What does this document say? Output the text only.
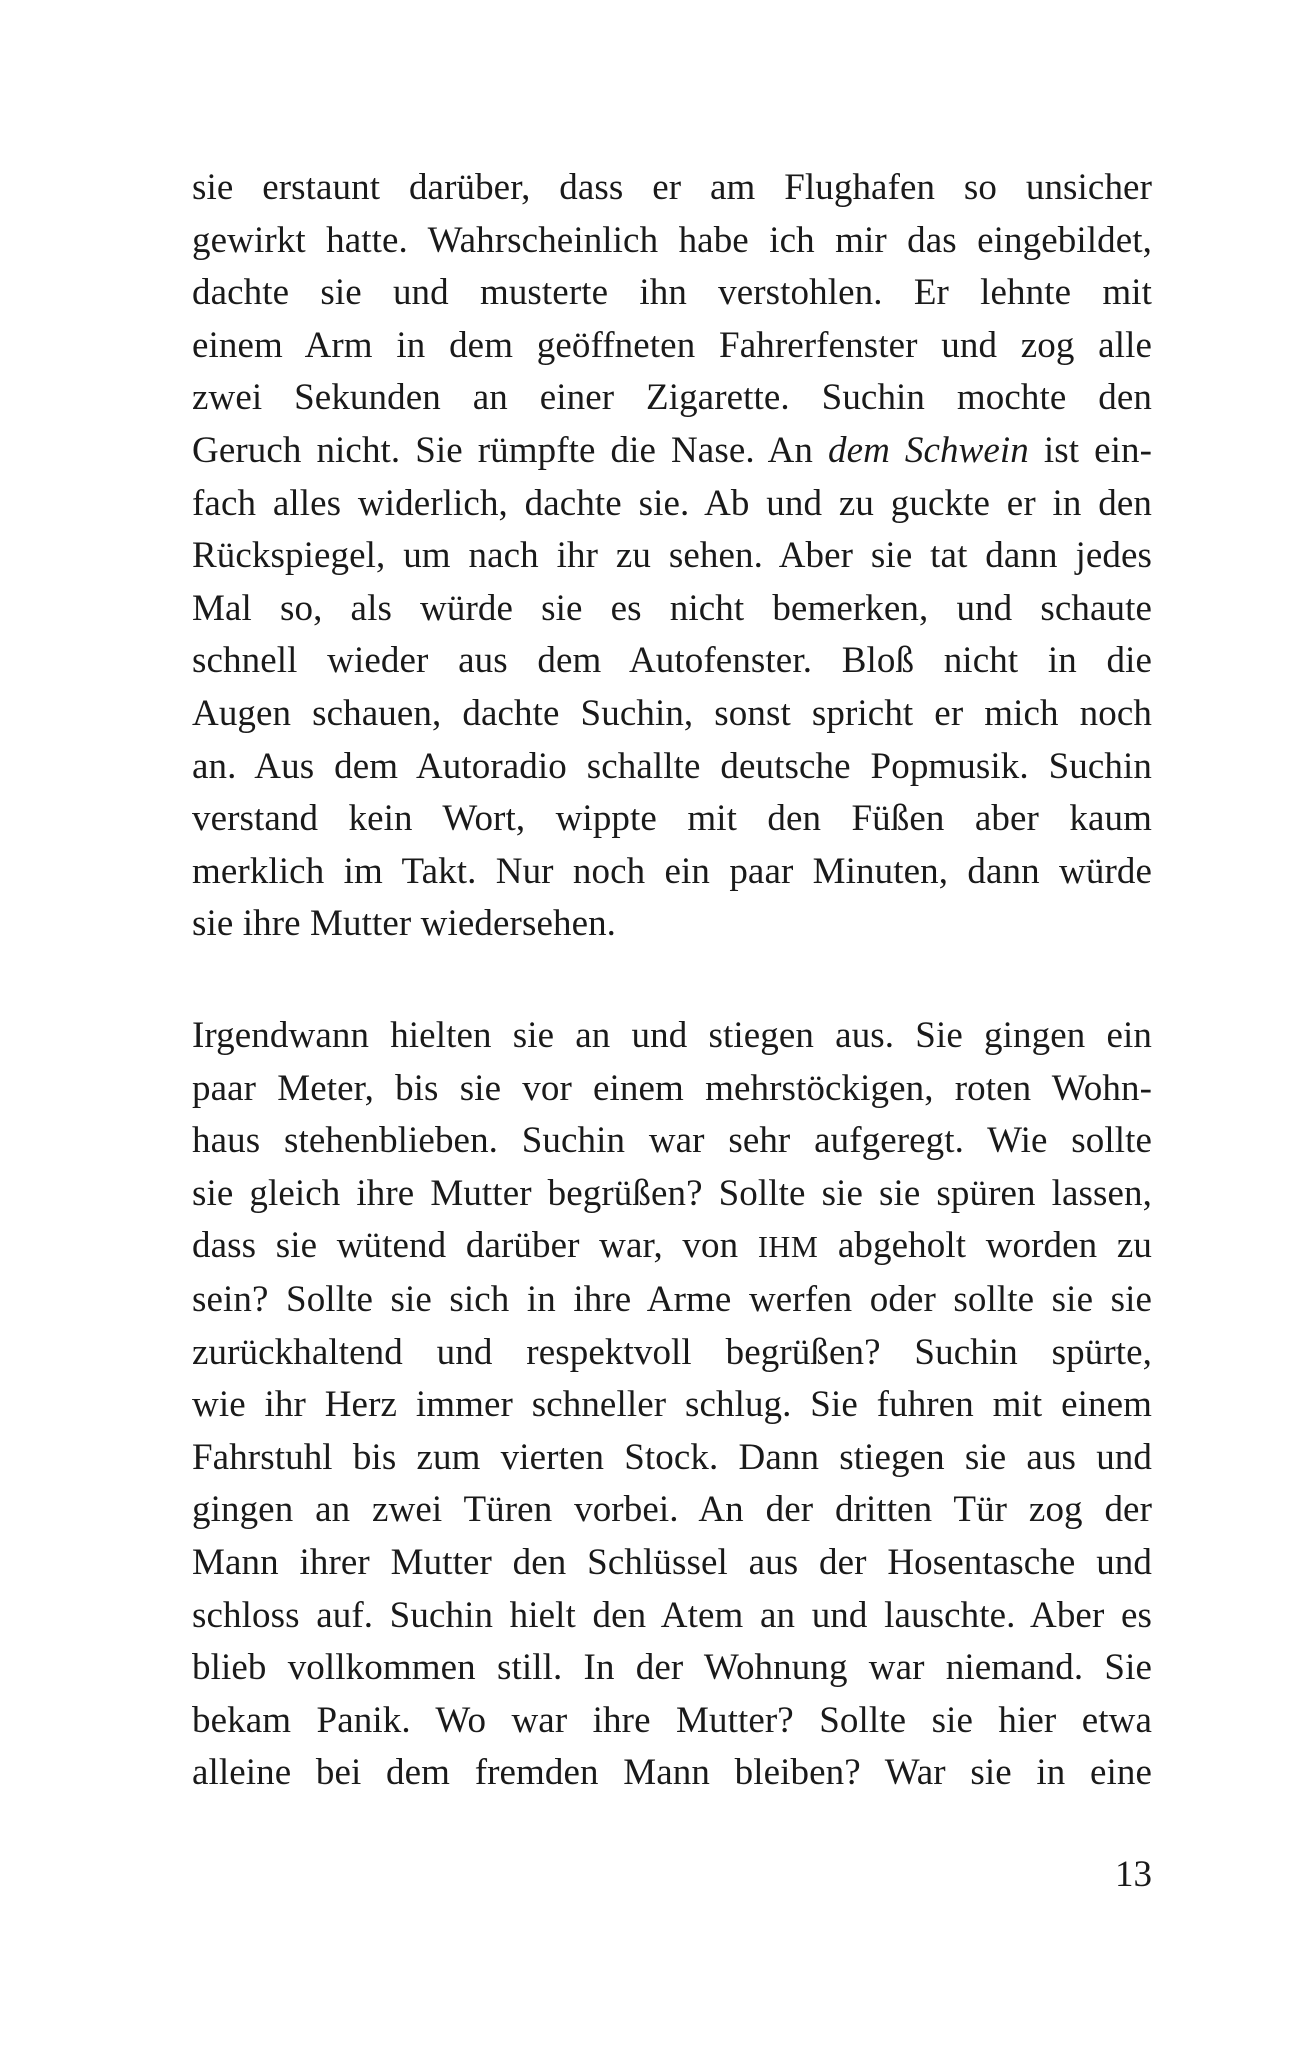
sie erstaunt darüber, dass er am Flughafen so unsicher
gewirkt hatte. Wahrscheinlich habe ich mir das eingebildet,
dachte sie und musterte ihn verstohlen. Er lehnte mit
einem Arm in dem geöffneten Fahrerfenster und zog alle
zwei Sekunden an einer Zigarette. Suchin mochte den
Geruch nicht. Sie rümpfte die Nase. An dem Schwein ist ein-
fach alles widerlich, dachte sie. Ab und zu guckte er in den
Rückspiegel, um nach ihr zu sehen. Aber sie tat dann jedes
Mal so, als würde sie es nicht bemerken, und schaute
schnell wieder aus dem Autofenster. Bloß nicht in die
Augen schauen, dachte Suchin, sonst spricht er mich noch
an. Aus dem Autoradio schallte deutsche Popmusik. Suchin
verstand kein Wort, wippte mit den Füßen aber kaum
merklich im Takt. Nur noch ein paar Minuten, dann würde
sie ihre Mutter wiedersehen.
Irgendwann hielten sie an und stiegen aus. Sie gingen ein
paar Meter, bis sie vor einem mehrstöckigen, roten Wohn-
haus stehenblieben. Suchin war sehr aufgeregt. Wie sollte
sie gleich ihre Mutter begrüßen? Sollte sie sie spüren lassen,
dass sie wütend darüber war, von IHM abgeholt worden zu
sein? Sollte sie sich in ihre Arme werfen oder sollte sie sie
zurückhaltend und respektvoll begrüßen? Suchin spürte,
wie ihr Herz immer schneller schlug. Sie fuhren mit einem
Fahrstuhl bis zum vierten Stock. Dann stiegen sie aus und
gingen an zwei Türen vorbei. An der dritten Tür zog der
Mann ihrer Mutter den Schlüssel aus der Hosentasche und
schloss auf. Suchin hielt den Atem an und lauschte. Aber es
blieb vollkommen still. In der Wohnung war niemand. Sie
bekam Panik. Wo war ihre Mutter? Sollte sie hier etwa
alleine bei dem fremden Mann bleiben? War sie in eine
13
